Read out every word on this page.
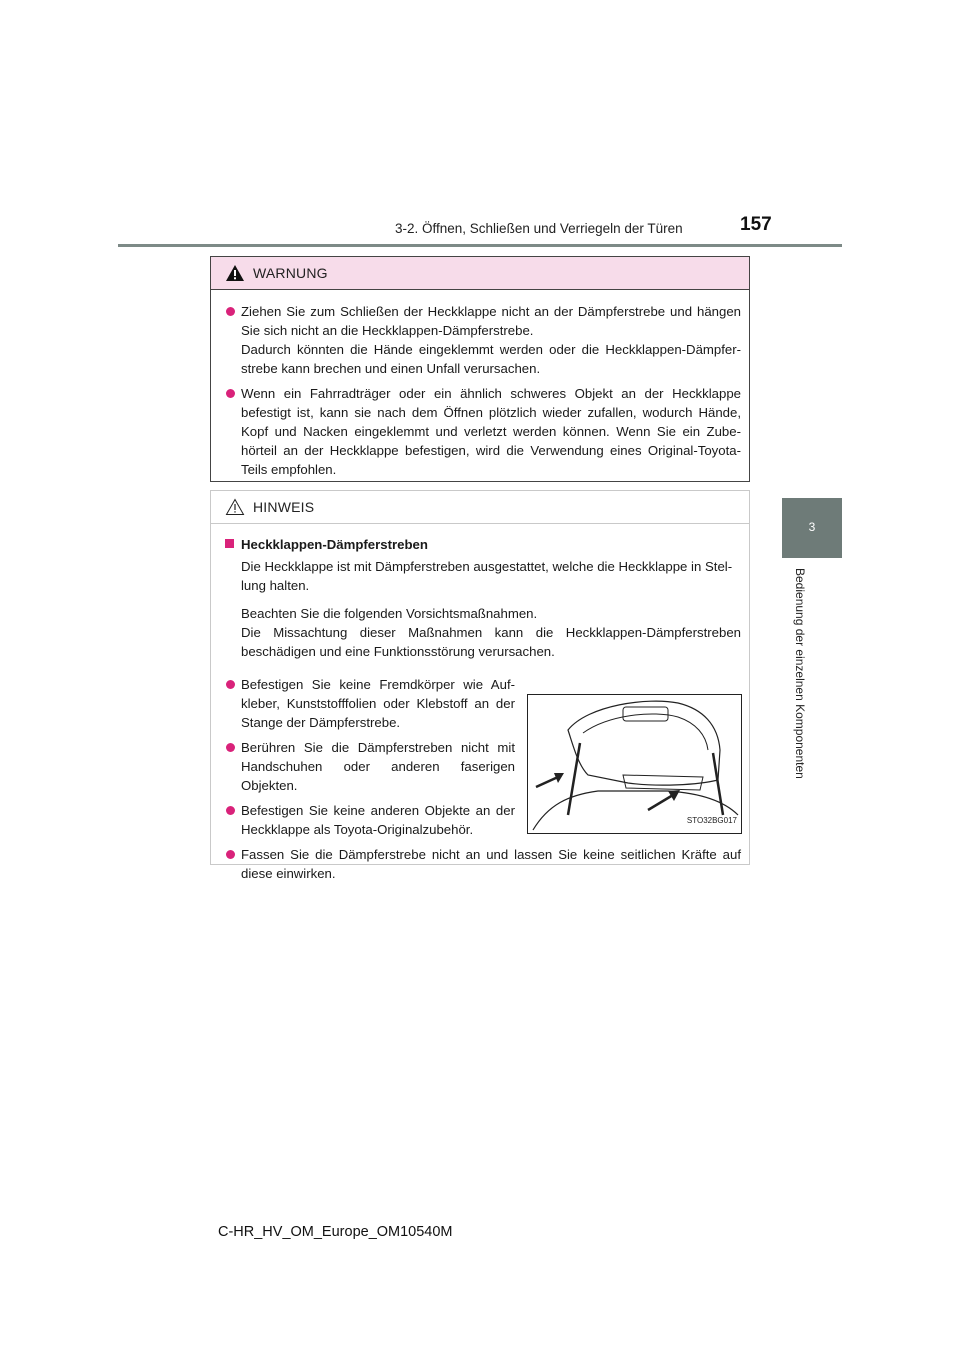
3-2. Öffnen, Schließen und Verriegeln der Türen	157
3
Bedienung der einzelnen Komponenten
WARNUNG
Ziehen Sie zum Schließen der Heckklappe nicht an der Dämpferstrebe und hängen Sie sich nicht an die Heckklappen-Dämpferstrebe.
Dadurch könnten die Hände eingeklemmt werden oder die Heckklappen-Dämpfer-strebe kann brechen und einen Unfall verursachen.
Wenn ein Fahrradträger oder ein ähnlich schweres Objekt an der Heckklappe befestigt ist, kann sie nach dem Öffnen plötzlich wieder zufallen, wodurch Hände, Kopf und Nacken eingeklemmt und verletzt werden können. Wenn Sie ein Zube-hörteil an der Heckklappe befestigen, wird die Verwendung eines Original-Toyota-Teils empfohlen.
HINWEIS
Heckklappen-Dämpferstreben
Die Heckklappe ist mit Dämpferstreben ausgestattet, welche die Heckklappe in Stel-lung halten.
Beachten Sie die folgenden Vorsichtsmaßnahmen.
Die Missachtung dieser Maßnahmen kann die Heckklappen-Dämpferstreben beschädigen und eine Funktionsstörung verursachen.
Befestigen Sie keine Fremdkörper wie Auf-kleber, Kunststofffolien oder Klebstoff an der Stange der Dämpferstrebe.
Berühren Sie die Dämpferstreben nicht mit Handschuhen oder anderen faserigen Objekten.
Befestigen Sie keine anderen Objekte an der Heckklappe als Toyota-Originalzubehör.
Fassen Sie die Dämpferstrebe nicht an und lassen Sie keine seitlichen Kräfte auf diese einwirken.
STO32BG017
C-HR_HV_OM_Europe_OM10540M
